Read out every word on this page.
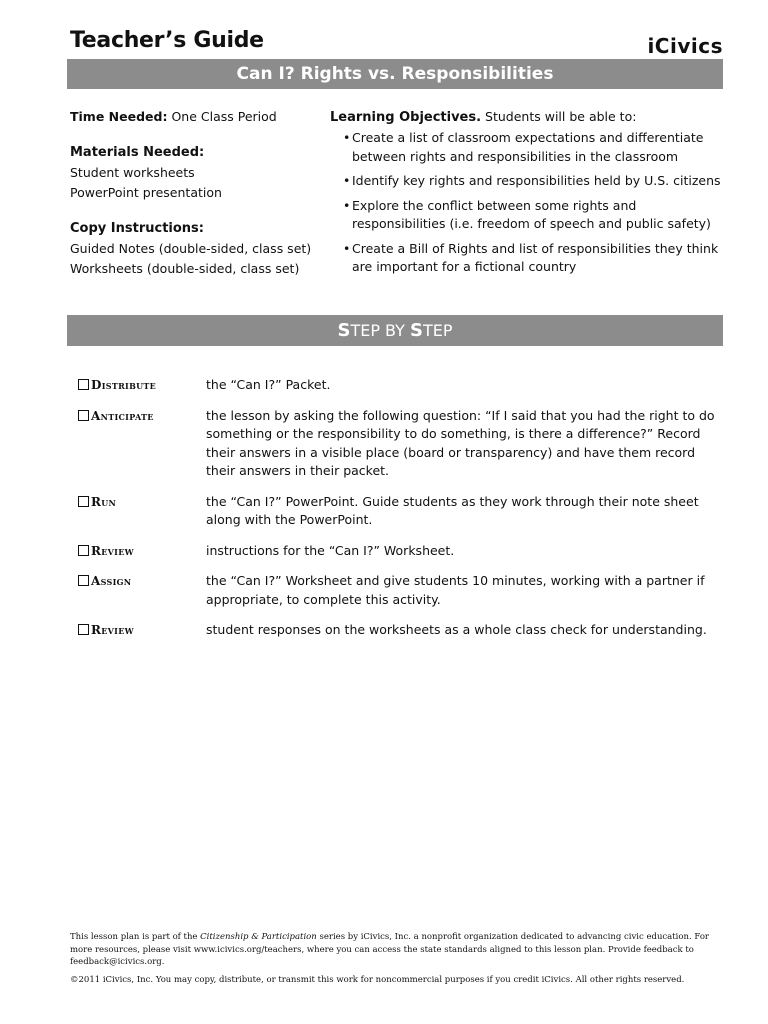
Teacher’s Guide	iCivics
Can I? Rights vs. Responsibilities
Time Needed: One Class Period
Materials Needed:
Student worksheets
PowerPoint presentation
Copy Instructions:
Guided Notes (double-sided, class set)
Worksheets (double-sided, class set)
Learning Objectives. Students will be able to:
• Create a list of classroom expectations and differentiate between rights and responsibilities in the classroom
• Identify key rights and responsibilities held by U.S. citizens
• Explore the conflict between some rights and responsibilities (i.e. freedom of speech and public safety)
• Create a Bill of Rights and list of responsibilities they think are important for a fictional country
STEP BY STEP
Distribute	the “Can I?” Packet.
Anticipate	the lesson by asking the following question: “If I said that you had the right to do something or the responsibility to do something, is there a difference?” Record their answers in a visible place (board or transparency) and have them record their answers in their packet.
Run	the “Can I?” PowerPoint. Guide students as they work through their note sheet along with the PowerPoint.
Review	instructions for the “Can I?” Worksheet.
Assign	the “Can I?” Worksheet and give students 10 minutes, working with a partner if appropriate, to complete this activity.
Review	student responses on the worksheets as a whole class check for understanding.
This lesson plan is part of the Citizenship & Participation series by iCivics, Inc. a nonprofit organization dedicated to advancing civic education. For more resources, please visit www.icivics.org/teachers, where you can access the state standards aligned to this lesson plan. Provide feedback to feedback@icivics.org.
©2011 iCivics, Inc. You may copy, distribute, or transmit this work for noncommercial purposes if you credit iCivics. All other rights reserved.
